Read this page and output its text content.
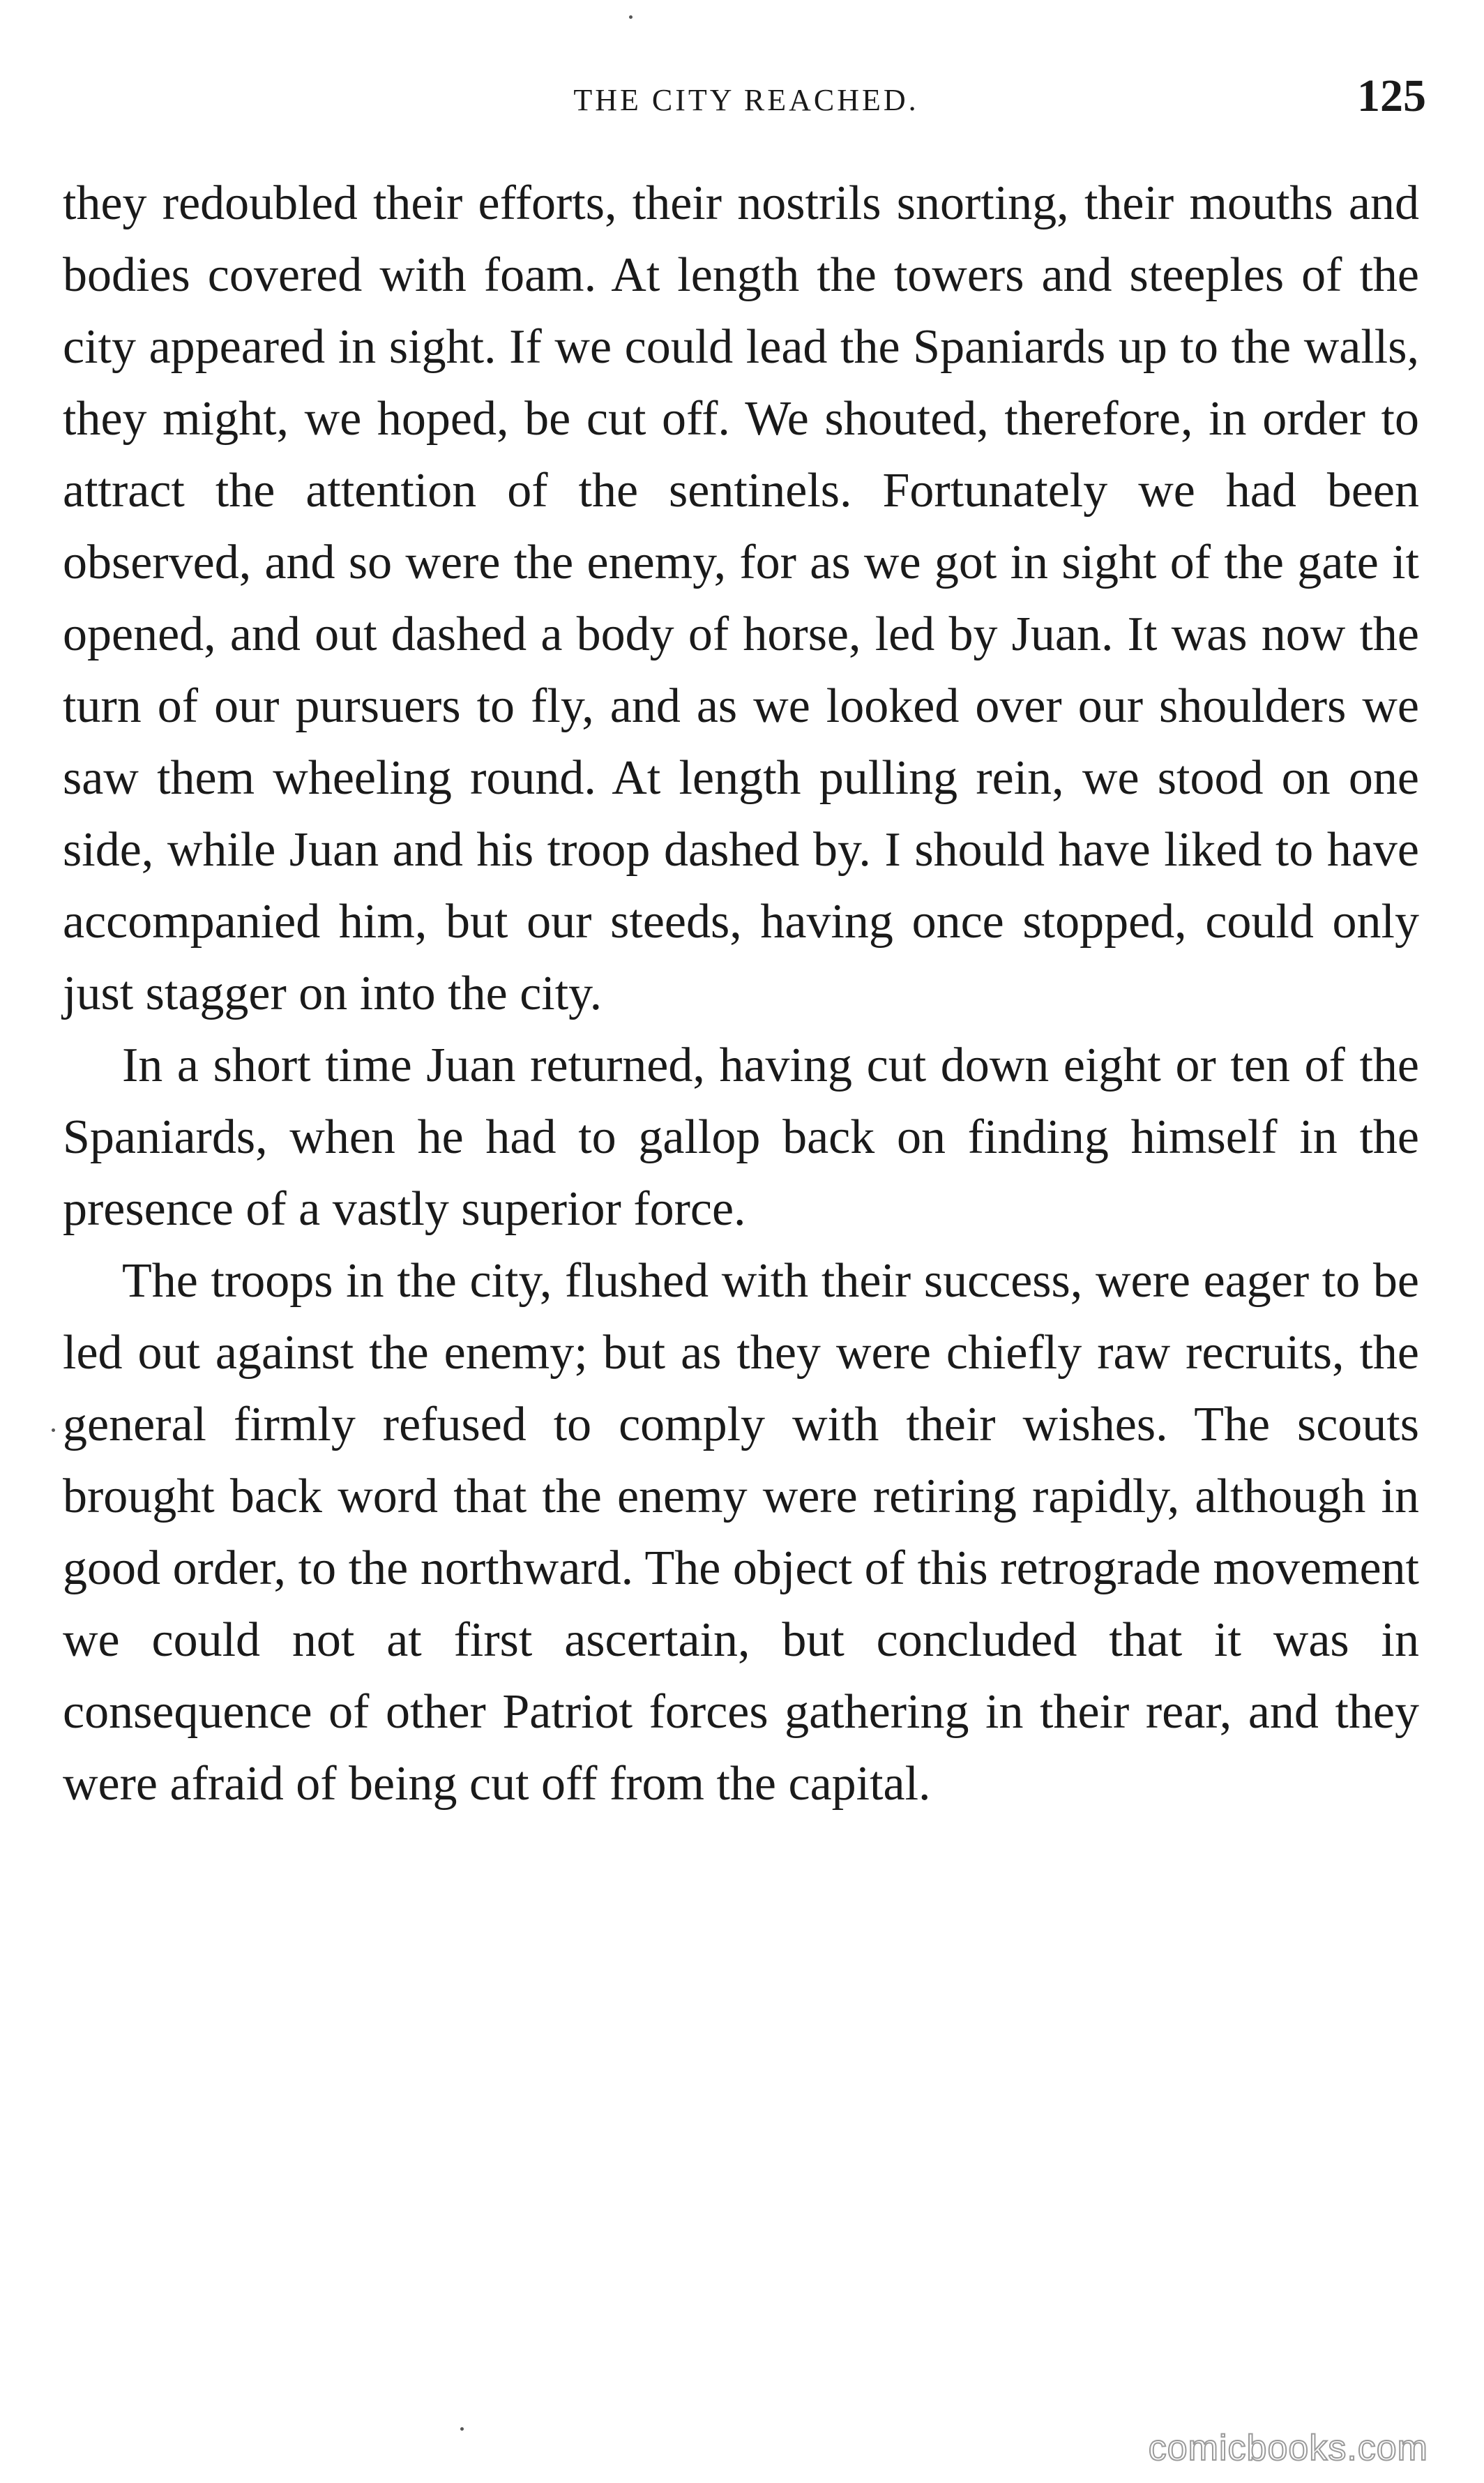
THE CITY REACHED.	125

they redoubled their efforts, their nostrils snorting, their mouths and bodies covered with foam. At length the towers and steeples of the city appeared in sight. If we could lead the Spaniards up to the walls, they might, we hoped, be cut off. We shouted, therefore, in order to attract the attention of the sentinels. Fortunately we had been observed, and so were the enemy, for as we got in sight of the gate it opened, and out dashed a body of horse, led by Juan. It was now the turn of our pursuers to fly, and as we looked over our shoulders we saw them wheeling round. At length pulling rein, we stood on one side, while Juan and his troop dashed by. I should have liked to have accompanied him, but our steeds, having once stopped, could only just stagger on into the city.

In a short time Juan returned, having cut down eight or ten of the Spaniards, when he had to gallop back on finding himself in the presence of a vastly superior force.

The troops in the city, flushed with their success, were eager to be led out against the enemy; but as they were chiefly raw recruits, the general firmly refused to comply with their wishes. The scouts brought back word that the enemy were retiring rapidly, although in good order, to the northward. The object of this retrograde movement we could not at first ascertain, but concluded that it was in consequence of other Patriot forces gathering in their rear, and they were afraid of being cut off from the capital.

comicbooks.com
